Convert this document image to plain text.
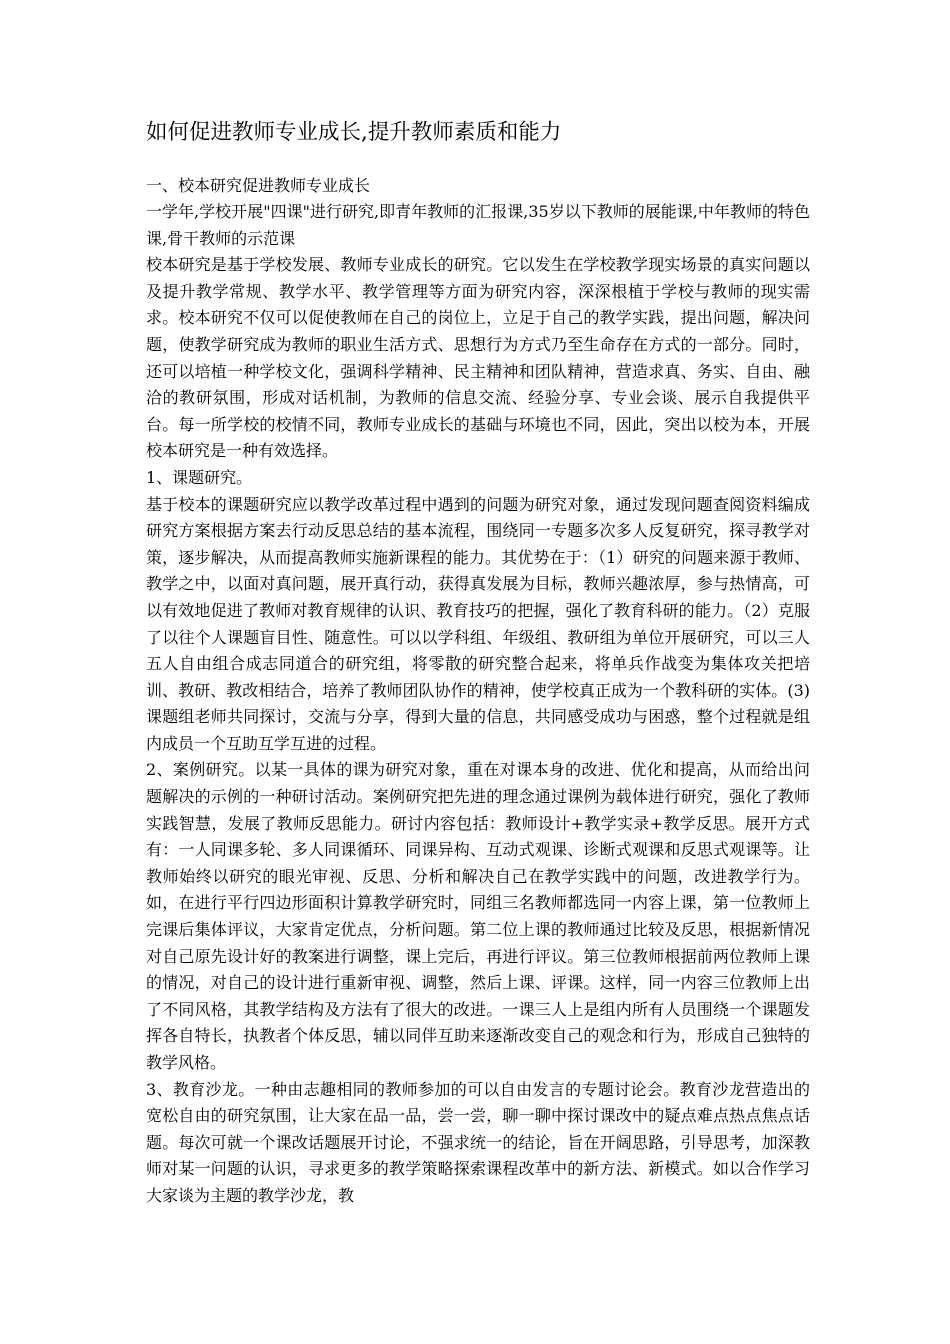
如何促进教师专业成长,提升教师素质和能力

一、校本研究促进教师专业成长

一学年,学校开展"四课"进行研究,即青年教师的汇报课,35岁以下教师的展能课,中年教师的特色课,骨干教师的示范课

校本研究是基于学校发展、教师专业成长的研究。它以发生在学校教学现实场景的真实问题以及提升教学常规、教学水平、教学管理等方面为研究内容，深深根植于学校与教师的现实需求。校本研究不仅可以促使教师在自己的岗位上，立足于自己的教学实践，提出问题，解决问题，使教学研究成为教师的职业生活方式、思想行为方式乃至生命存在方式的一部分。同时，还可以培植一种学校文化，强调科学精神、民主精神和团队精神，营造求真、务实、自由、融洽的教研氛围，形成对话机制，为教师的信息交流、经验分享、专业会谈、展示自我提供平台。每一所学校的校情不同，教师专业成长的基础与环境也不同，因此，突出以校为本，开展校本研究是一种有效选择。

1、课题研究。

基于校本的课题研究应以教学改革过程中遇到的问题为研究对象，通过发现问题查阅资料编成研究方案根据方案去行动反思总结的基本流程，围绕同一专题多次多人反复研究，探寻教学对策，逐步解决，从而提高教师实施新课程的能力。其优势在于：（1）研究的问题来源于教师、教学之中，以面对真问题，展开真行动，获得真发展为目标，教师兴趣浓厚，参与热情高，可以有效地促进了教师对教育规律的认识、教育技巧的把握，强化了教育科研的能力。（2）克服了以往个人课题盲目性、随意性。可以以学科组、年级组、教研组为单位开展研究，可以三人五人自由组合成志同道合的研究组，将零散的研究整合起来，将单兵作战变为集体攻关把培训、教研、教改相结合，培养了教师团队协作的精神，使学校真正成为一个教科研的实体。(3)课题组老师共同探讨，交流与分享，得到大量的信息，共同感受成功与困惑，整个过程就是组内成员一个互助互学互进的过程。

2、案例研究。以某一具体的课为研究对象，重在对课本身的改进、优化和提高，从而给出问题解决的示例的一种研讨活动。案例研究把先进的理念通过课例为载体进行研究，强化了教师实践智慧，发展了教师反思能力。研讨内容包括：教师设计+教学实录+教学反思。展开方式有：一人同课多轮、多人同课循环、同课异构、互动式观课、诊断式观课和反思式观课等。让教师始终以研究的眼光审视、反思、分析和解决自己在教学实践中的问题，改进教学行为。如，在进行平行四边形面积计算教学研究时，同组三名教师都选同一内容上课，第一位教师上完课后集体评议，大家肯定优点，分析问题。第二位上课的教师通过比较及反思，根据新情况对自己原先设计好的教案进行调整，课上完后，再进行评议。第三位教师根据前两位教师上课的情况，对自己的设计进行重新审视、调整，然后上课、评课。这样，同一内容三位教师上出了不同风格，其教学结构及方法有了很大的改进。一课三人上是组内所有人员围绕一个课题发挥各自特长，执教者个体反思，辅以同伴互助来逐渐改变自己的观念和行为，形成自己独特的教学风格。

3、教育沙龙。一种由志趣相同的教师参加的可以自由发言的专题讨论会。教育沙龙营造出的宽松自由的研究氛围，让大家在品一品，尝一尝，聊一聊中探讨课改中的疑点难点热点焦点话题。每次可就一个课改话题展开讨论，不强求统一的结论，旨在开阔思路，引导思考，加深教师对某一问题的认识，寻求更多的教学策略探索课程改革中的新方法、新模式。如以合作学习大家谈为主题的教学沙龙，教
